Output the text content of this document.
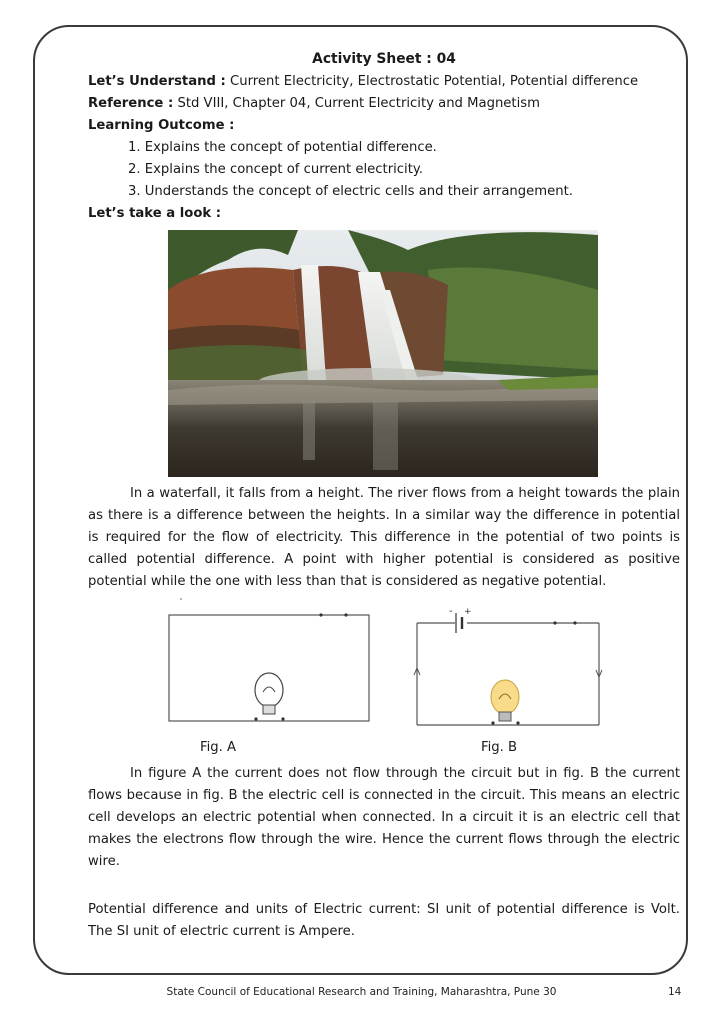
Activity Sheet : 04
Let’s Understand : Current Electricity, Electrostatic Potential, Potential difference
Reference : Std VIII, Chapter 04, Current Electricity and Magnetism
Learning Outcome :
1. Explains the concept of potential difference.
2. Explains the concept of current electricity.
3. Understands the concept of electric cells and their arrangement.
Let’s take a look :
In a waterfall, it falls from a height. The river flows from a height towards the plain as there is a difference between the heights. In a similar way the difference in potential is required for the flow of electricity. This difference in the potential of two points is called potential difference. A point with higher potential is considered as positive potential while the one with less than that is considered as negative potential.
- +
Fig. A	Fig. B
In figure A the current does not flow through the circuit but in fig. B the current flows because in fig. B the electric cell is connected in the circuit. This means an electric cell develops an electric potential when connected. In a circuit it is an electric cell that makes the electrons flow through the wire. Hence the current flows through the electric wire.
Potential difference and units of Electric current: SI unit of potential difference is Volt. The SI unit of electric current is Ampere.
State Council of Educational Research and Training, Maharashtra, Pune 30	14
